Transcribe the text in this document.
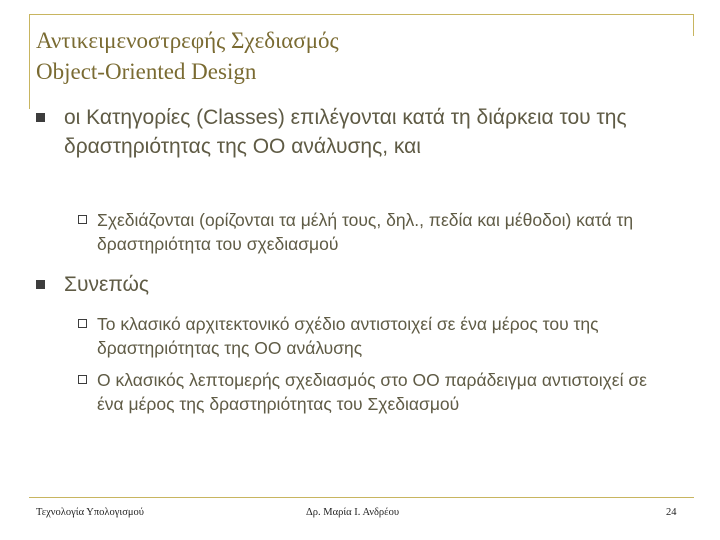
Αντικειμενοστρεφής Σχεδιασμός
Object-Oriented Design
οι Κατηγορίες (Classes) επιλέγονται κατά τη διάρκεια του της δραστηριότητας της ΟΟ ανάλυσης, και
Σχεδιάζονται (ορίζονται τα μέλή τους, δηλ., πεδία και μέθοδοι) κατά τη δραστηριότητα του σχεδιασμού
Συνεπώς
Το κλασικό αρχιτεκτονικό σχέδιο αντιστοιχεί σε ένα μέρος του της δραστηριότητας της ΟΟ ανάλυσης
Ο κλασικός λεπτομερής σχεδιασμός στο ΟΟ παράδειγμα αντιστοιχεί σε ένα μέρος της δραστηριότητας του Σχεδιασμού
Τεχνολογία Υπολογισμού	Δρ. Μαρία Ι. Ανδρέου	24
